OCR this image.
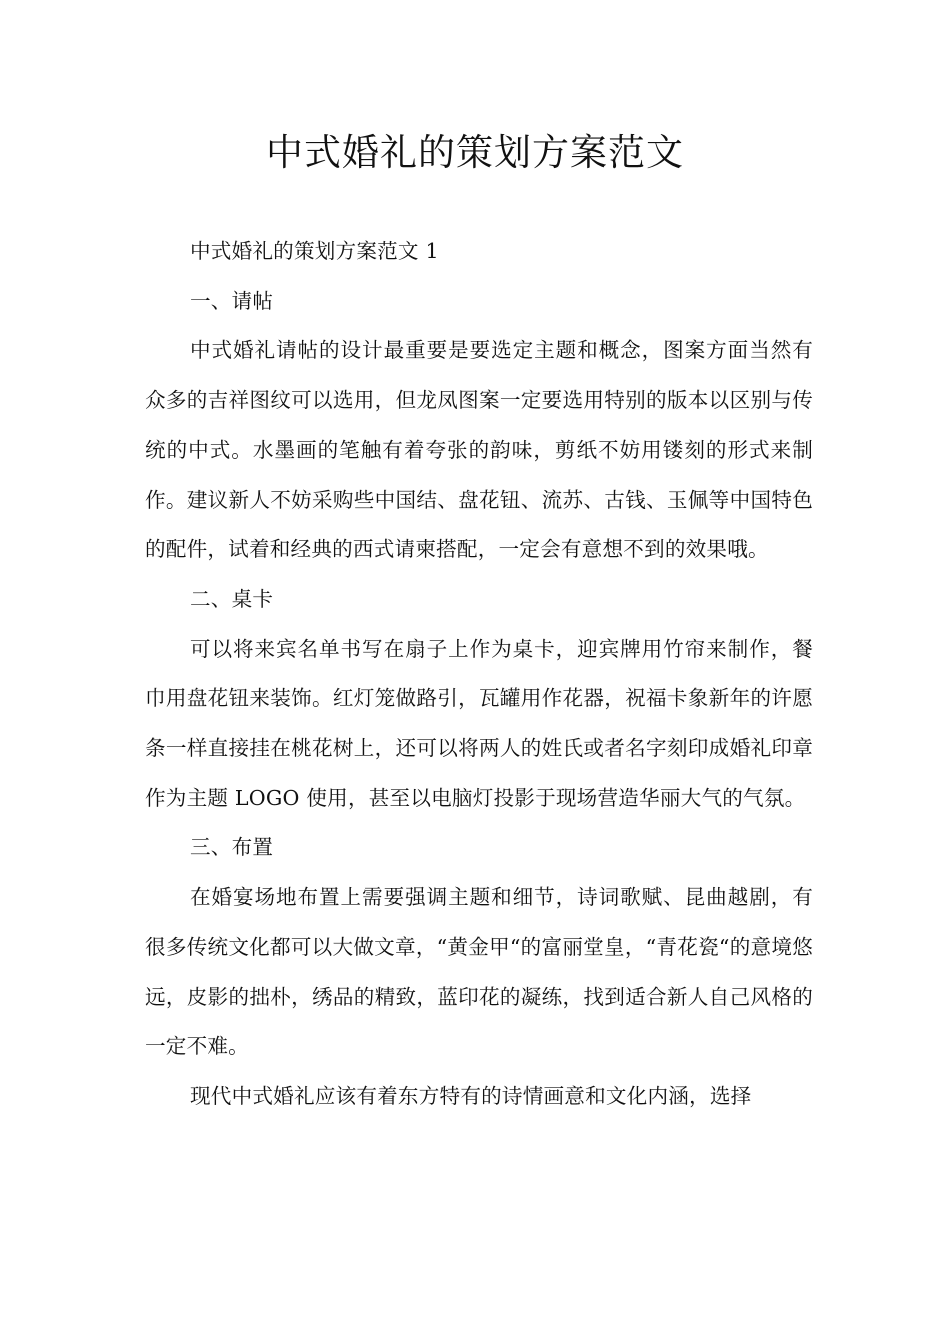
中式婚礼的策划方案范文

中式婚礼的策划方案范文 1

一、请帖

中式婚礼请帖的设计最重要是要选定主题和概念，图案方面当然有众多的吉祥图纹可以选用，但龙凤图案一定要选用特别的版本以区别与传统的中式。水墨画的笔触有着夸张的韵味，剪纸不妨用镂刻的形式来制作。建议新人不妨采购些中国结、盘花钮、流苏、古钱、玉佩等中国特色的配件，试着和经典的西式请柬搭配，一定会有意想不到的效果哦。

二、桌卡

可以将来宾名单书写在扇子上作为桌卡，迎宾牌用竹帘来制作，餐巾用盘花钮来装饰。红灯笼做路引，瓦罐用作花器，祝福卡象新年的许愿条一样直接挂在桃花树上，还可以将两人的姓氏或者名字刻印成婚礼印章作为主题 LOGO 使用，甚至以电脑灯投影于现场营造华丽大气的气氛。

三、布置

在婚宴场地布置上需要强调主题和细节，诗词歌赋、昆曲越剧，有很多传统文化都可以大做文章，“黄金甲“的富丽堂皇，“青花瓷“的意境悠远，皮影的拙朴，绣品的精致，蓝印花的凝练，找到适合新人自己风格的一定不难。

现代中式婚礼应该有着东方特有的诗情画意和文化内涵，选择
